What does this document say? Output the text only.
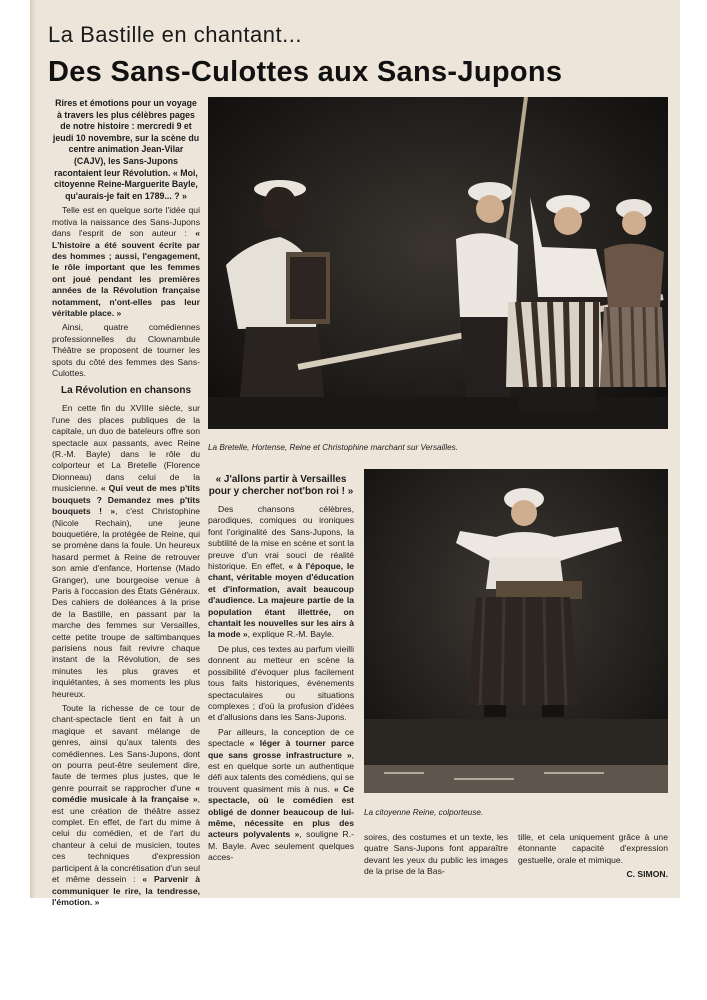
La Bastille en chantant...
Des Sans-Culottes aux Sans-Jupons

Rires et émotions pour un voyage à travers les plus célèbres pages de notre histoire : mercredi 9 et jeudi 10 novembre, sur la scène du centre animation Jean-Vilar (CAJV), les Sans-Jupons racontaient leur Révolution. « Moi, citoyenne Reine-Marguerite Bayle, qu'aurais-je fait en 1789... ? »

Telle est en quelque sorte l'idée qui motiva la naissance des Sans-Jupons dans l'esprit de son auteur : « L'histoire a été souvent écrite par des hommes ; aussi, l'engagement, le rôle important que les femmes ont joué pendant les premières années de la Révolution française notamment, n'ont-elles pas leur véritable place. »

Ainsi, quatre comédiennes professionnelles du Clownambule Théâtre se proposent de tourner les spots du côté des femmes des Sans-Culottes.

La Révolution en chansons

En cette fin du XVIIIe siècle, sur l'une des places publiques de la capitale, un duo de bateleurs offre son spectacle aux passants, avec Reine (R.-M. Bayle) dans le rôle du colporteur et La Bretelle (Florence Dionneau) dans celui de la musicienne. « Qui veut de mes p'tits bouquets ? Demandez mes p'tits bouquets ! », c'est Christophine (Nicole Rechain), une jeune bouquetière, la protégée de Reine, qui se promène dans la foule. Un heureux hasard permet à Reine de retrouver son amie d'enfance, Hortense (Mado Granger), une bourgeoise venue à Paris à l'occasion des États Généraux. Des cahiers de doléances à la prise de la Bastille, en passant par la marche des femmes sur Versailles, cette petite troupe de saltimbanques parisiens nous fait revivre chaque instant de la Révolution, de ses minutes les plus graves et inquiétantes, à ses moments les plus heureux.

Toute la richesse de ce tour de chant-spectacle tient en fait à un magique et savant mélange de genres, ainsi qu'aux talents des comédiennes. Les Sans-Jupons, dont on pourra peut-être seulement dire, faute de termes plus justes, que le genre pourrait se rapprocher d'une « comédie musicale à la française », est une création de théâtre assez complet. En effet, de l'art du mime à celui du comédien, et de l'art du chanteur à celui de musicien, toutes ces techniques d'expression participent à la concrétisation d'un seul et même dessein : « Parvenir à communiquer le rire, la tendresse, l'émotion. »

La Bretelle, Hortense, Reine et Christophine marchant sur Versailles.
« J'allons partir à Versailles pour y chercher not'bon roi ! »

Des chansons célèbres, parodiques, comiques ou ironiques font l'originalité des Sans-Jupons, la subtilité de la mise en scène et sont la preuve d'un vrai souci de réalité historique. En effet, « à l'époque, le chant, véritable moyen d'éducation et d'information, avait beaucoup d'audience. La majeure partie de la population étant illettrée, on chantait les nouvelles sur les airs à la mode », explique R.-M. Bayle.

De plus, ces textes au parfum vieilli donnent au metteur en scène la possibilité d'évoquer plus facilement tous faits historiques, événements spectaculaires ou situations complexes ; d'où la profusion d'idées et d'allusions dans les Sans-Jupons.

Par ailleurs, la conception de ce spectacle « léger à tourner parce que sans grosse infrastructure », est en quelque sorte un authentique défi aux talents des comédiens, qui se trouvent quasiment mis à nus. « Ce spectacle, où le comédien est obligé de donner beaucoup de lui-même, nécessite en plus des acteurs polyvalents », souligne R.-M. Bayle. Avec seulement quelques acces-

La citoyenne Reine, colporteuse.

soires, des costumes et un texte, les quatre Sans-Jupons font apparaître devant les yeux du public les images de la prise de la Bas-

tille, et cela uniquement grâce à une étonnante capacité d'expression gestuelle, orale et mimique.

C. SIMON.
